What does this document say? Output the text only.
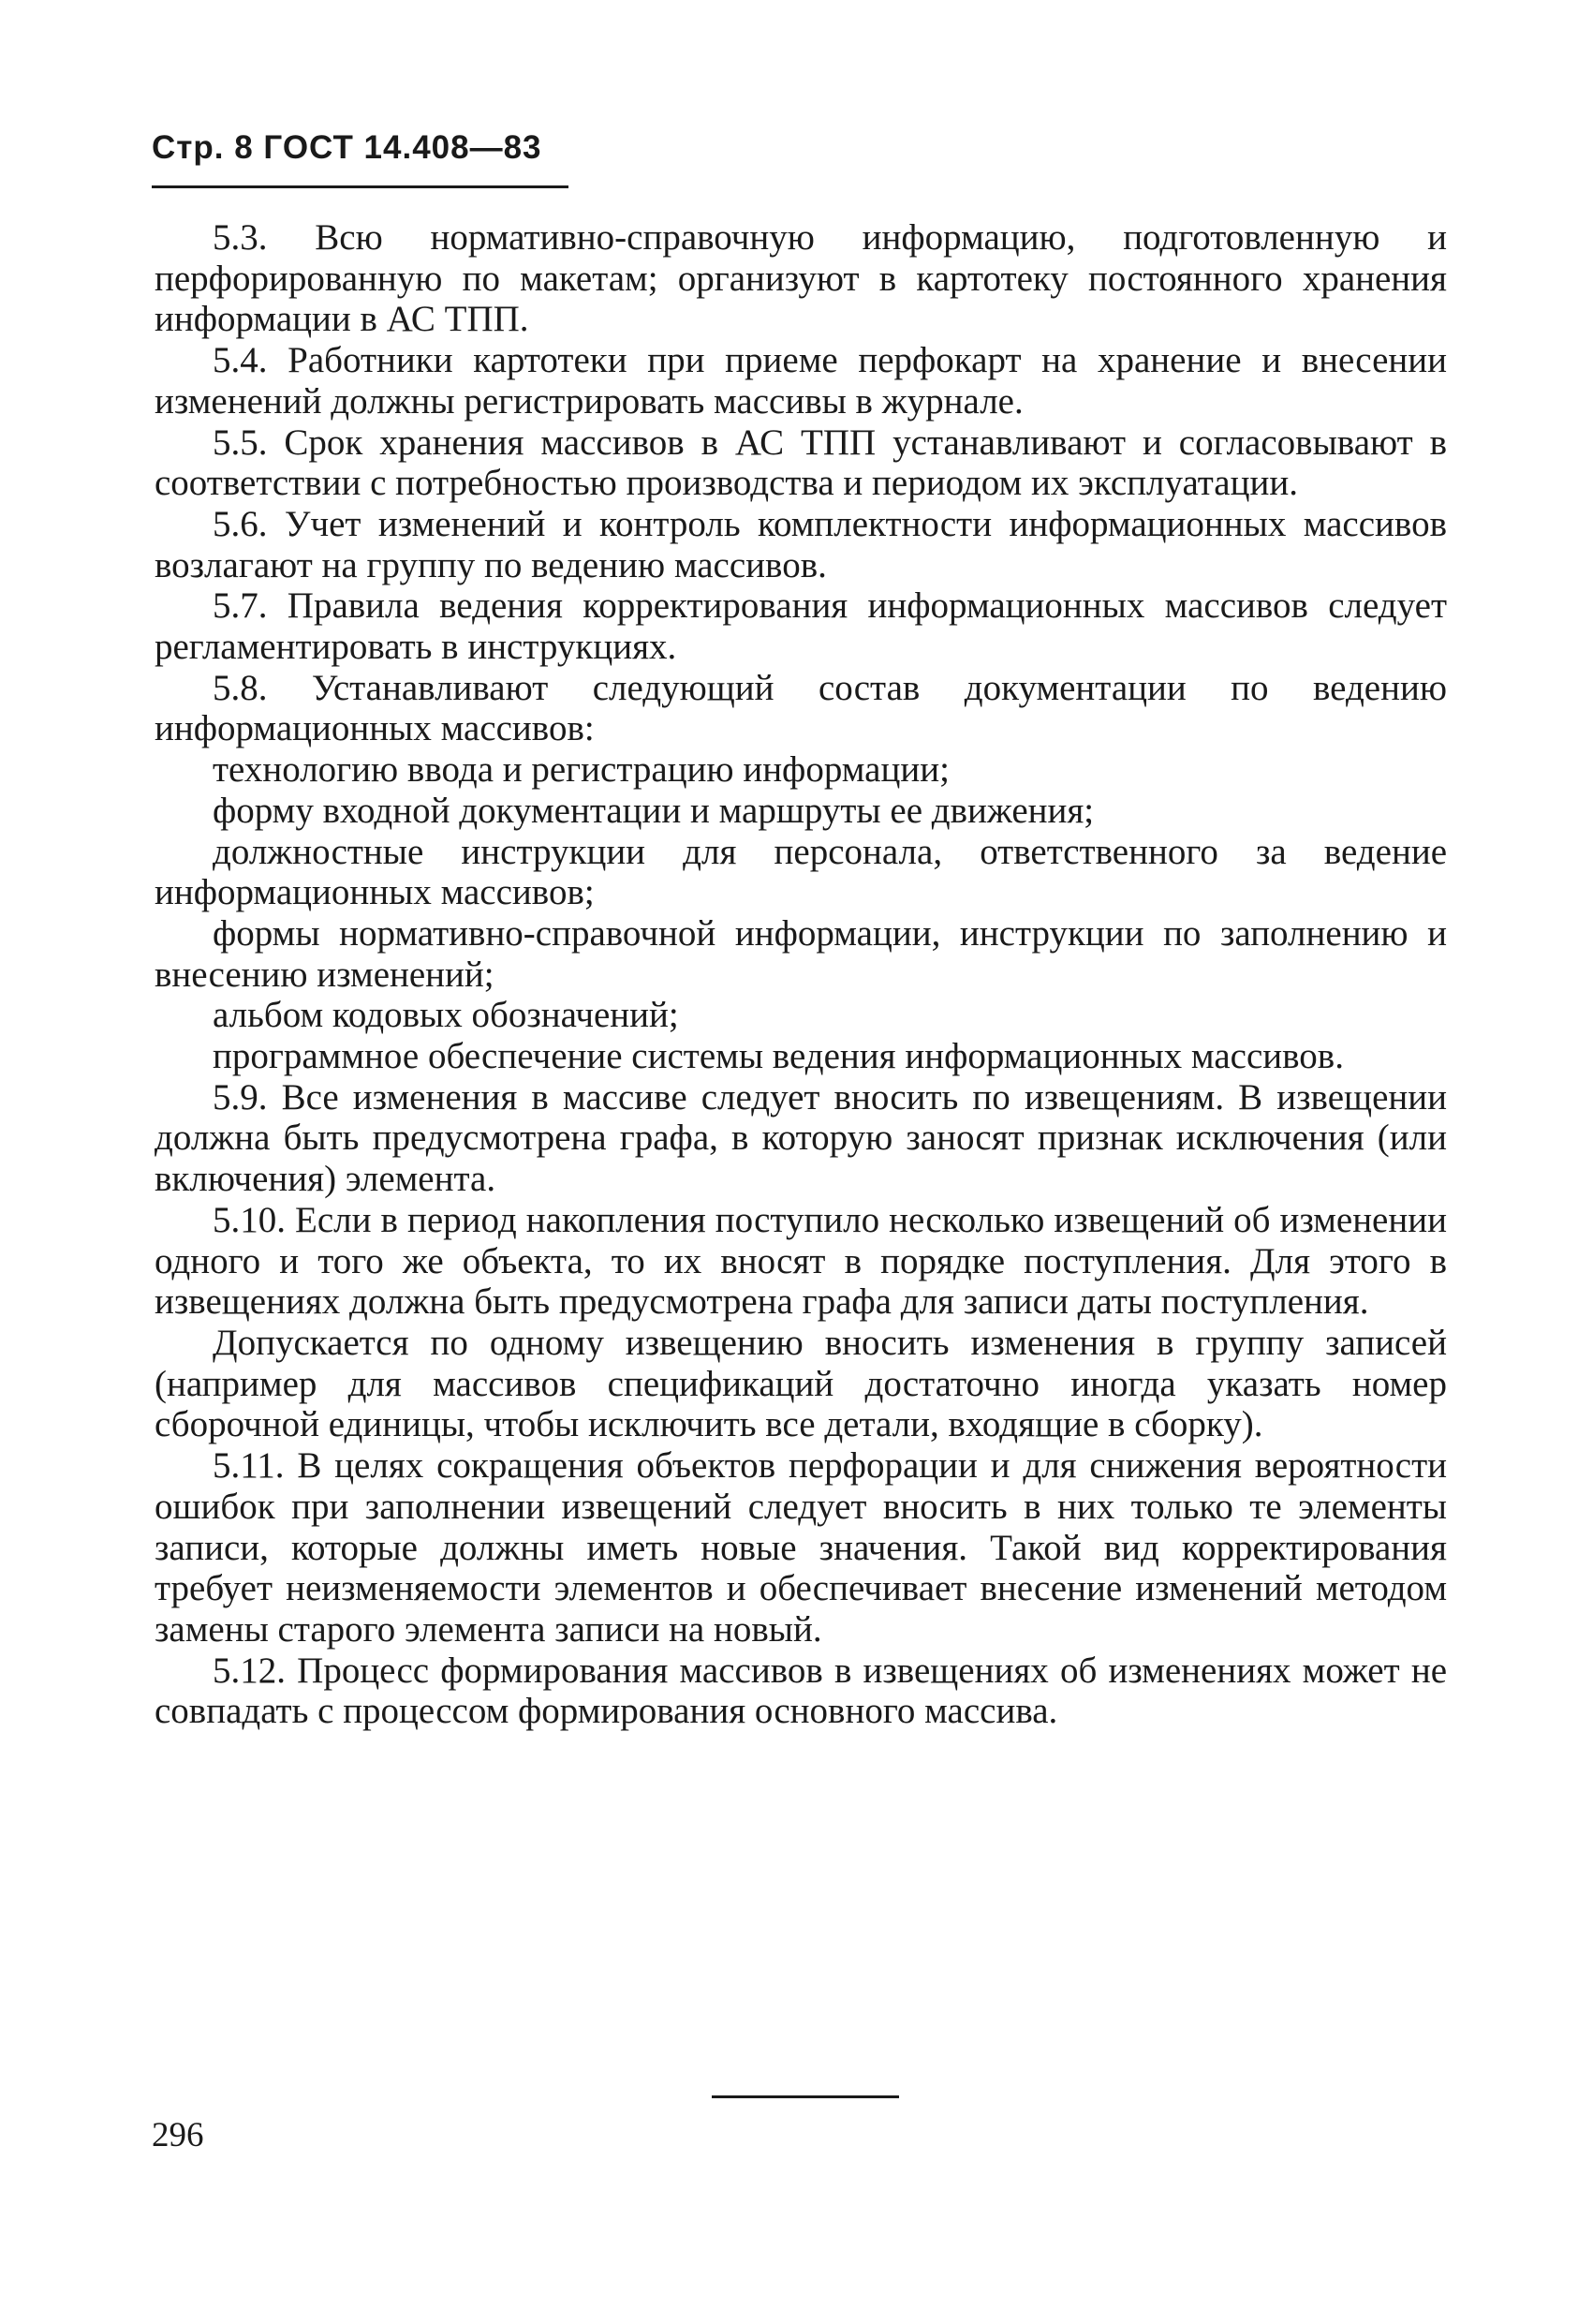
Стр. 8 ГОСТ 14.408—83

5.3. Всю нормативно-справочную информацию, подготовленную и перфорированную по макетам; организуют в картотеку постоянного хранения информации в АС ТПП.

5.4. Работники картотеки при приеме перфокарт на хранение и внесении изменений должны регистрировать массивы в журнале.

5.5. Срок хранения массивов в АС ТПП устанавливают и согласовывают в соответствии с потребностью производства и периодом их эксплуатации.

5.6. Учет изменений и контроль комплектности информационных массивов возлагают на группу по ведению массивов.

5.7. Правила ведения корректирования информационных массивов следует регламентировать в инструкциях.

5.8. Устанавливают следующий состав документации по ведению информационных массивов:

технологию ввода и регистрацию информации;

форму входной документации и маршруты ее движения;

должностные инструкции для персонала, ответственного за ведение информационных массивов;

формы нормативно-справочной информации, инструкции по заполнению и внесению изменений;

альбом кодовых обозначений;

программное обеспечение системы ведения информационных массивов.

5.9. Все изменения в массиве следует вносить по извещениям. В извещении должна быть предусмотрена графа, в которую заносят признак исключения (или включения) элемента.

5.10. Если в период накопления поступило несколько извещений об изменении одного и того же объекта, то их вносят в порядке поступления. Для этого в извещениях должна быть предусмотрена графа для записи даты поступления.

Допускается по одному извещению вносить изменения в группу записей (например для массивов спецификаций достаточно иногда указать номер сборочной единицы, чтобы исключить все детали, входящие в сборку).

5.11. В целях сокращения объектов перфорации и для снижения вероятности ошибок при заполнении извещений следует вносить в них только те элементы записи, которые должны иметь новые значения. Такой вид корректирования требует неизменяемости элементов и обеспечивает внесение изменений методом замены старого элемента записи на новый.

5.12. Процесс формирования массивов в извещениях об изменениях может не совпадать с процессом формирования основного массива.

296
